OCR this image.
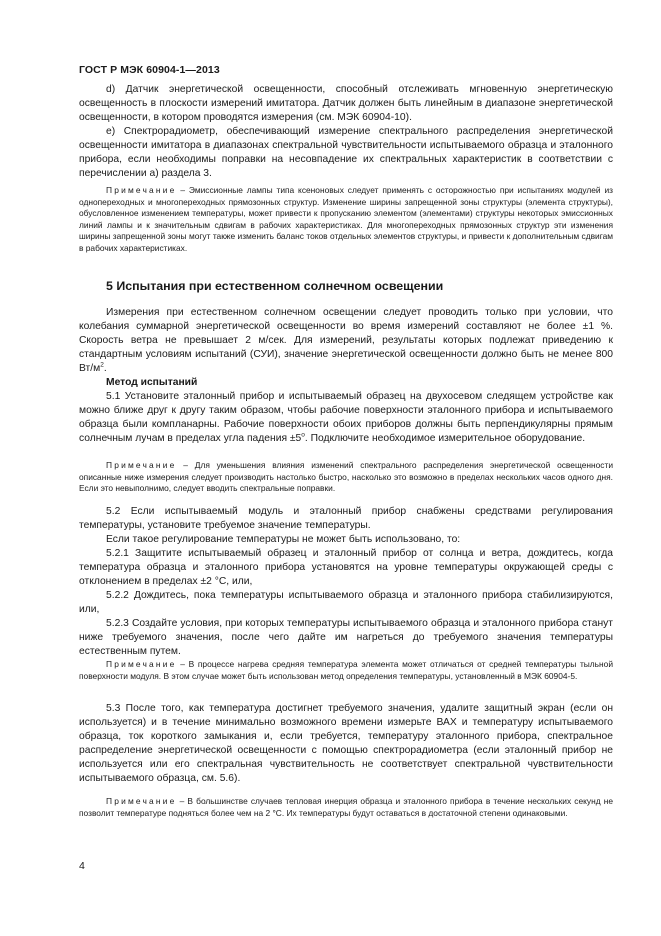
ГОСТ Р МЭК 60904-1—2013

d) Датчик энергетической освещенности, способный отслеживать мгновенную энергетическую освещенность в плоскости измерений имитатора. Датчик должен быть линейным в диапазоне энергетической освещенности, в котором проводятся измерения (см. МЭК 60904-10).

е) Спектрорадиометр, обеспечивающий измерение спектрального распределения энергетической освещенности имитатора в диапазонах спектральной чувствительности испытываемого образца и эталонного прибора, если необходимы поправки на несовпадение их спектральных характеристик в соответствии с перечислении а) раздела 3.

Примечание – Эмиссионные лампы типа ксеноновых следует применять с осторожностью при испытаниях модулей из одноперехoдных и многопереходных прямозонных структур. Изменение ширины запрещенной зоны структуры (элемента структуры), обусловленное изменением температуры, может привести к пропусканию элементом (элементами) структуры некоторых эмиссионных линий лампы и к значительным сдвигам в рабочих характеристиках. Для многопереходных прямозонных структур эти изменения ширины запрещенной зоны могут также изменить баланс токов отдельных элементов структуры, и привести к дополнительным сдвигам в рабочих характеристиках.

5 Испытания при естественном солнечном освещении

Измерения при естественном солнечном освещении следует проводить только при условии, что колебания суммарной энергетической освещенности во время измерений составляют не более ±1 %. Скорость ветра не превышает 2 м/сек. Для измерений, результаты которых подлежат приведению к стандартным условиям испытаний (СУИ), значение энергетической освещенности должно быть не менее 800 $Вт/м^2$.

Метод испытаний

5.1 Установите эталонный прибор и испытываемый образец на двухосевом следящем устройстве как можно ближе друг к другу таким образом, чтобы рабочие поверхности эталонного прибора и испытываемого образца были компланарны. Рабочие поверхности обоих приборов должны быть перпендикулярны прямым солнечным лучам в пределах угла падения $\pm 5^o$. Подключите необходимое измерительное оборудование.

Примечание – Для уменьшения влияния изменений спектрального распределения энергетической освещенности описанные ниже измерения следует производить настолько быстро, насколько это возможно в пределах нескольких часов одного дня. Если это невыполнимо, следует вводить спектральные поправки.

5.2 Если испытываемый модуль и эталонный прибор снабжены средствами регулирования температуры, установите требуемое значение температуры.

Если такое регулирование температуры не может быть использовано, то:

5.2.1 Защитите испытываемый образец и эталонный прибор от солнца и ветра, дождитесь, когда температура образца и эталонного прибора установятся на уровне температуры окружающей среды с отклонением в пределах ±2 °С, или,

5.2.2 Дождитесь, пока температуры испытываемого образца и эталонного прибора стабилизируются, или,

5.2.3 Создайте условия, при которых температуры испытываемого образца и эталонного прибора станут ниже требуемого значения, после чего дайте им нагреться до требуемого значения температуры естественным путем.

Примечание – В процессе нагрева средняя температура элемента может отличаться от средней температуры тыльной поверхности модуля. В этом случае может быть использован метод определения температуры, установленный в МЭК 60904-5.

5.3 После того, как температура достигнет требуемого значения, удалите защитный экран (если он используется) и в течение минимально возможного времени измерьте ВАХ и температуру испытываемого образца, ток короткого замыкания и, если требуется, температуру эталонного прибора, спектральное распределение энергетической освещенности с помощью спектрорадиометра (если эталонный прибор не используется или его спектральная чувствительность не соответствует спектральной чувствительности испытываемого образца, см. 5.6).

Примечание – В большинстве случаев тепловая инерция образца и эталонного прибора в течение нескольких секунд не позволит температуре подняться более чем на 2 °С. Их температуры будут оставаться в достаточной степени одинаковыми.

4
